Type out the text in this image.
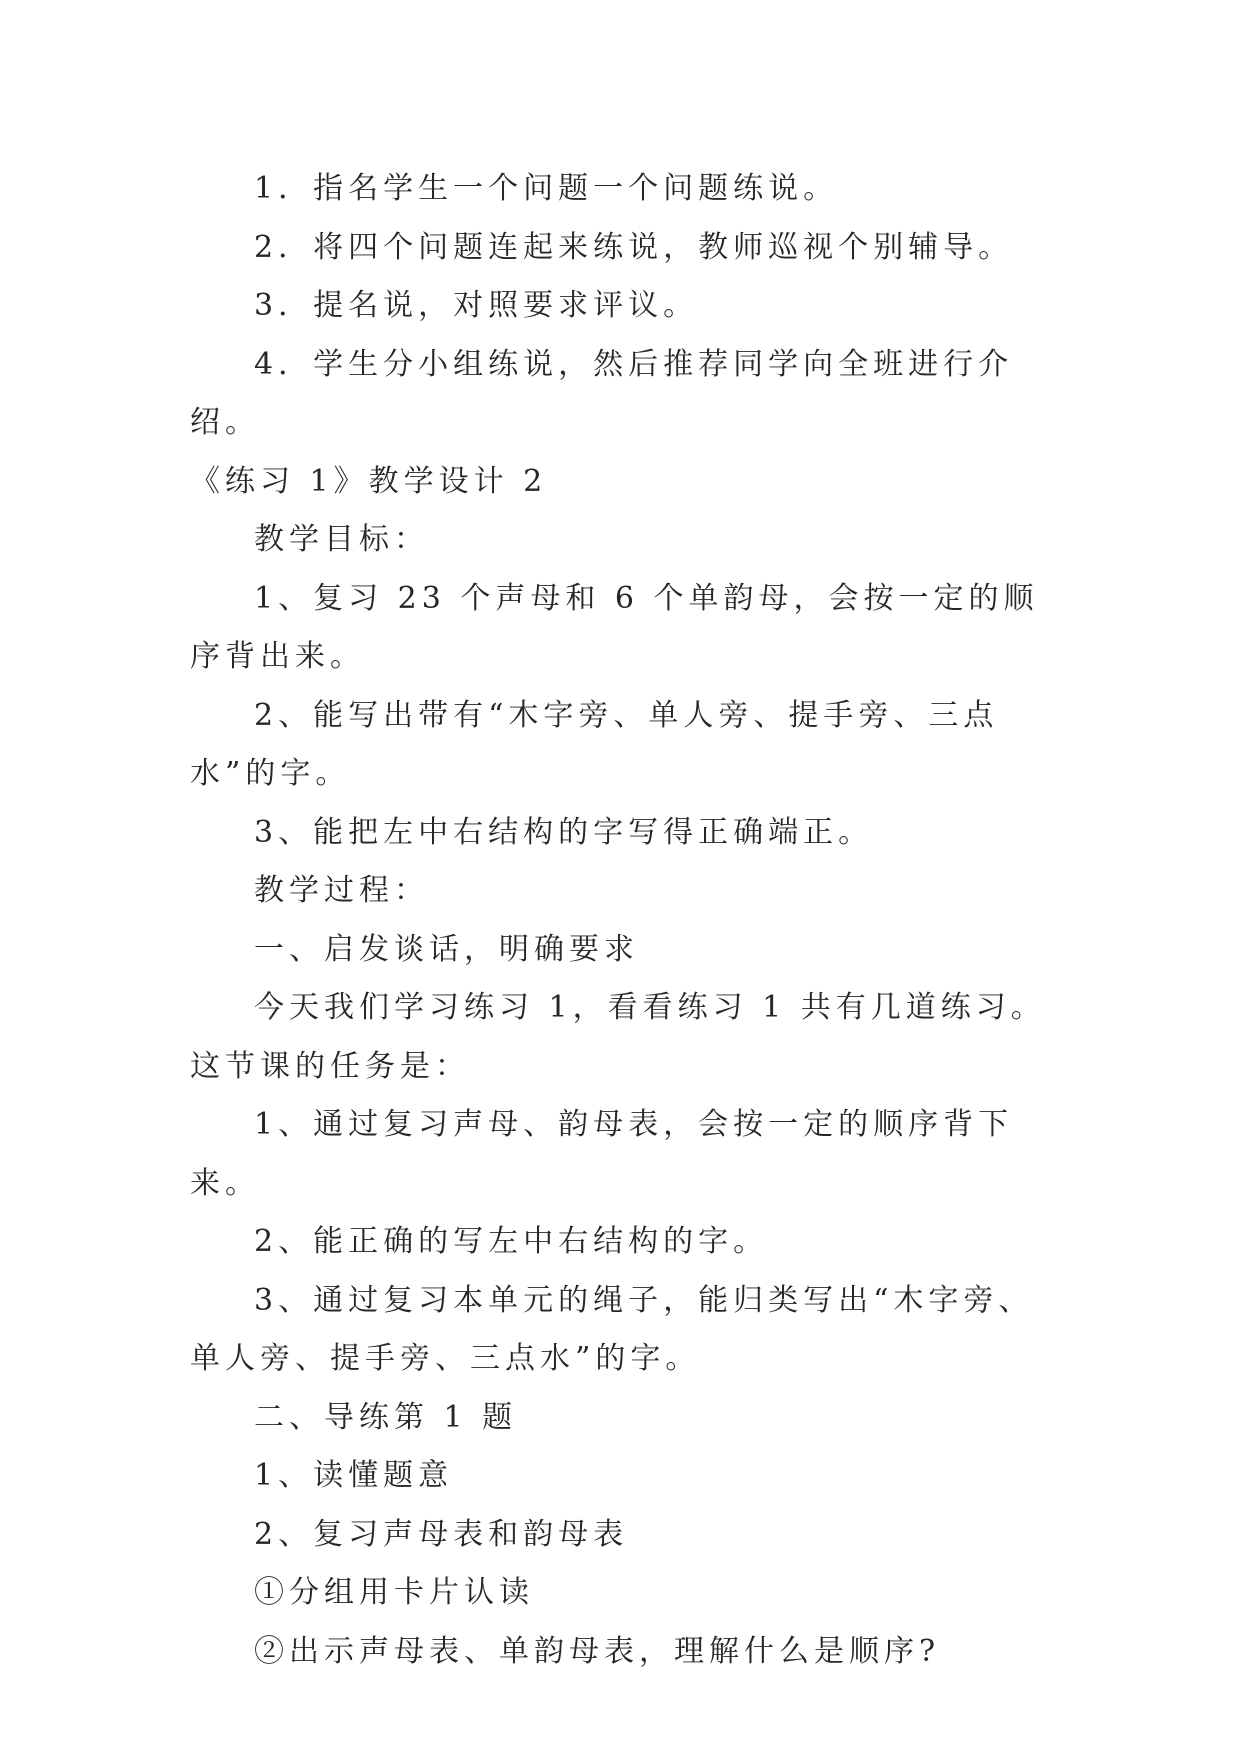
1．指名学生一个问题一个问题练说。

2．将四个问题连起来练说，教师巡视个别辅导。

3．提名说，对照要求评议。

4．学生分小组练说，然后推荐同学向全班进行介绍。

《练习 1》教学设计 2

教学目标：

1、复习 23 个声母和 6 个单韵母，会按一定的顺序背出来。

2、能写出带有“木字旁、单人旁、提手旁、三点水”的字。

3、能把左中右结构的字写得正确端正。

教学过程：

一、启发谈话，明确要求

今天我们学习练习 1，看看练习 1 共有几道练习。这节课的任务是：

1、通过复习声母、韵母表，会按一定的顺序背下来。

2、能正确的写左中右结构的字。

3、通过复习本单元的绳子，能归类写出“木字旁、单人旁、提手旁、三点水”的字。

二、导练第 1 题

1、读懂题意

2、复习声母表和韵母表

①分组用卡片认读

②出示声母表、单韵母表，理解什么是顺序?
